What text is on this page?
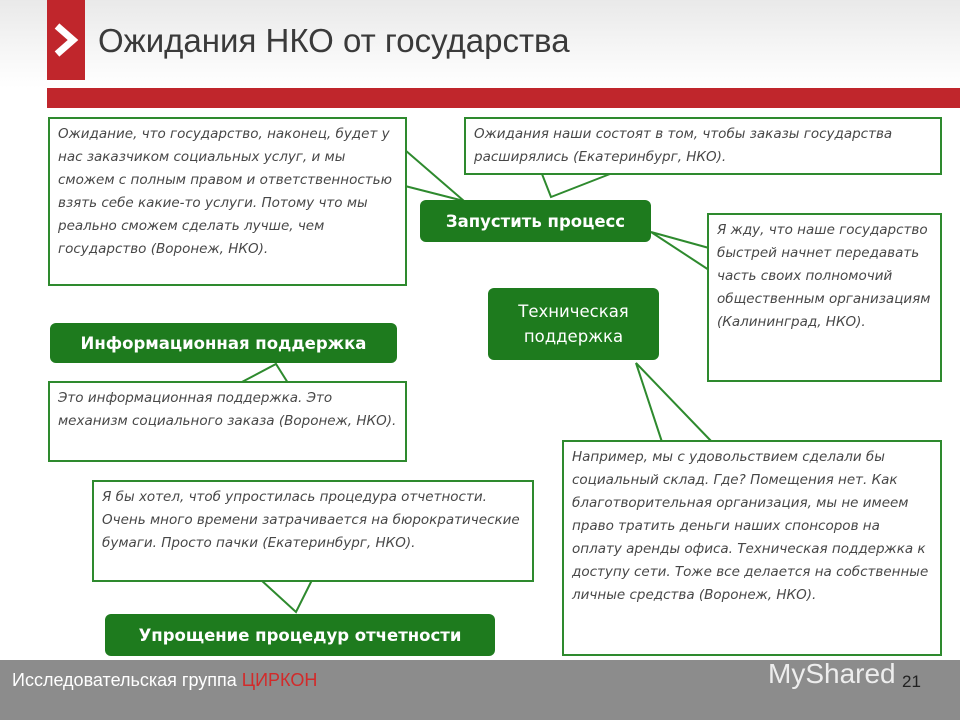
Ожидания НКО от государства
Ожидание, что государство, наконец, будет у нас заказчиком социальных услуг, и мы сможем с полным правом и ответственностью взять себе какие-то услуги. Потому что мы реально сможем сделать лучше, чем государство (Воронеж, НКО).
Ожидания наши состоят в том, чтобы заказы государства расширялись (Екатеринбург, НКО).
Я жду, что наше государство быстрей начнет передавать часть своих полномочий общественным организациям (Калининград, НКО).
Это информационная поддержка. Это механизм социального заказа (Воронеж, НКО).
Я бы хотел, чтоб упростилась процедура отчетности. Очень много времени затрачивается на бюрократические бумаги. Просто пачки (Екатеринбург, НКО).
Например, мы с удовольствием сделали бы социальный склад. Где? Помещения нет. Как благотворительная организация, мы не имеем право тратить деньги наших спонсоров на оплату аренды офиса. Техническая поддержка к доступу сети. Тоже все делается на собственные личные средства (Воронеж, НКО).
Запустить процесс
Информационная поддержка
Техническая поддержка
Упрощение процедур отчетности
Исследовательская группа ЦИРКОН	MyShared 21
